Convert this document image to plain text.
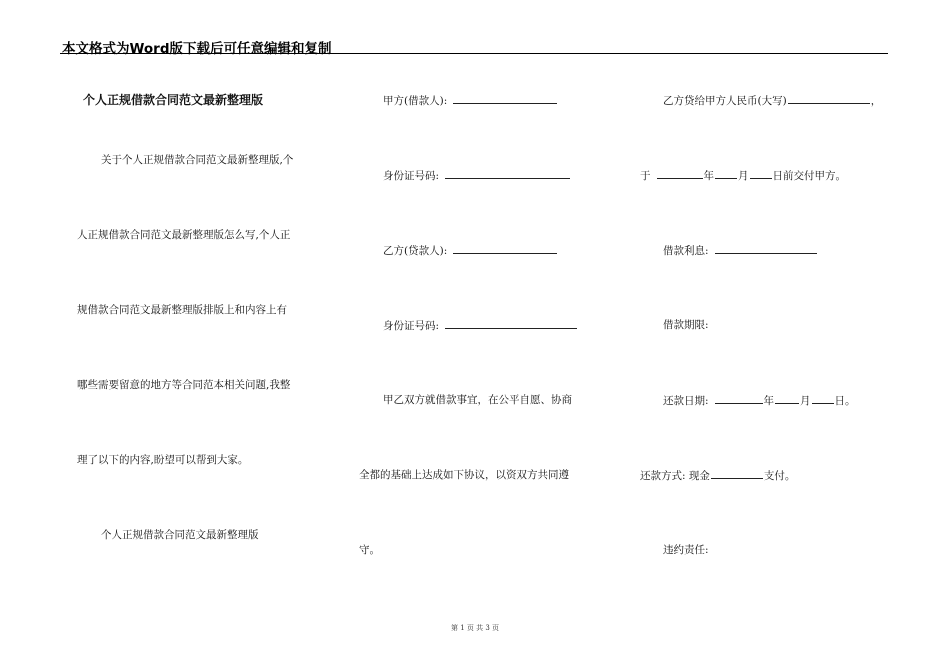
本文格式为Word版下载后可任意编辑和复制
个人正规借款合同范文最新整理版
关于个人正规借款合同范文最新整理版,个
人正规借款合同范文最新整理版怎么写,个人正
规借款合同范文最新整理版排版上和内容上有
哪些需要留意的地方等合同范本相关问题,我整
理了以下的内容,盼望可以帮到大家。
个人正规借款合同范文最新整理版
甲方(借款人):
身份证号码:
乙方(贷款人):
身份证号码:
甲乙双方就借款事宜，在公平自愿、协商
全都的基础上达成如下协议，以资双方共同遵
守。
乙方贷给甲方人民币(大写)	，
于	年 月 日前交付甲方。
借款利息:
借款期限:
还款日期:	年 月 日。
还款方式: 现金	支付。
违约责任:
第 1 页 共 3 页
